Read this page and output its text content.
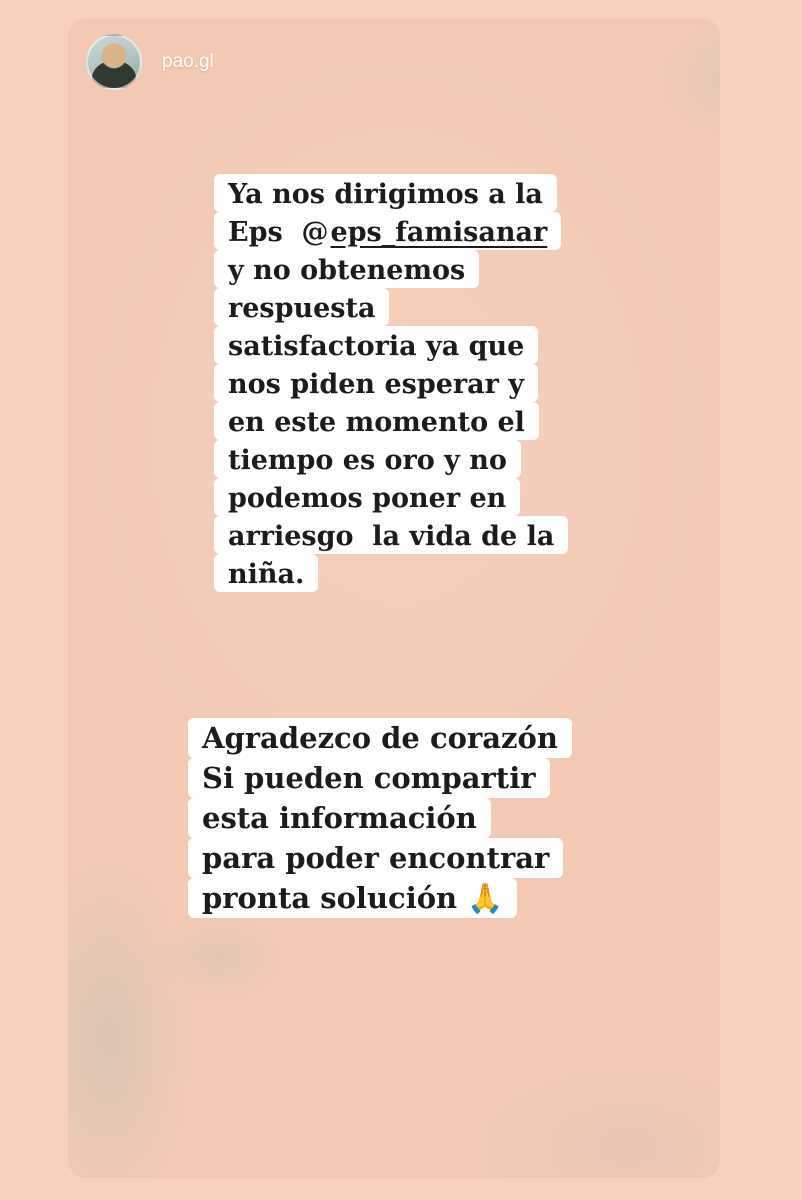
pao.gl
Ya nos dirigimos a la
Eps  @eps_famisanar
y no obtenemos
respuesta
satisfactoria ya que
nos piden esperar y
en este momento el
tiempo es oro y no
podemos poner en
arriesgo  la vida de la
niña.
Agradezco de corazón
Si pueden compartir
esta información
para poder encontrar
pronta solución 🙏
